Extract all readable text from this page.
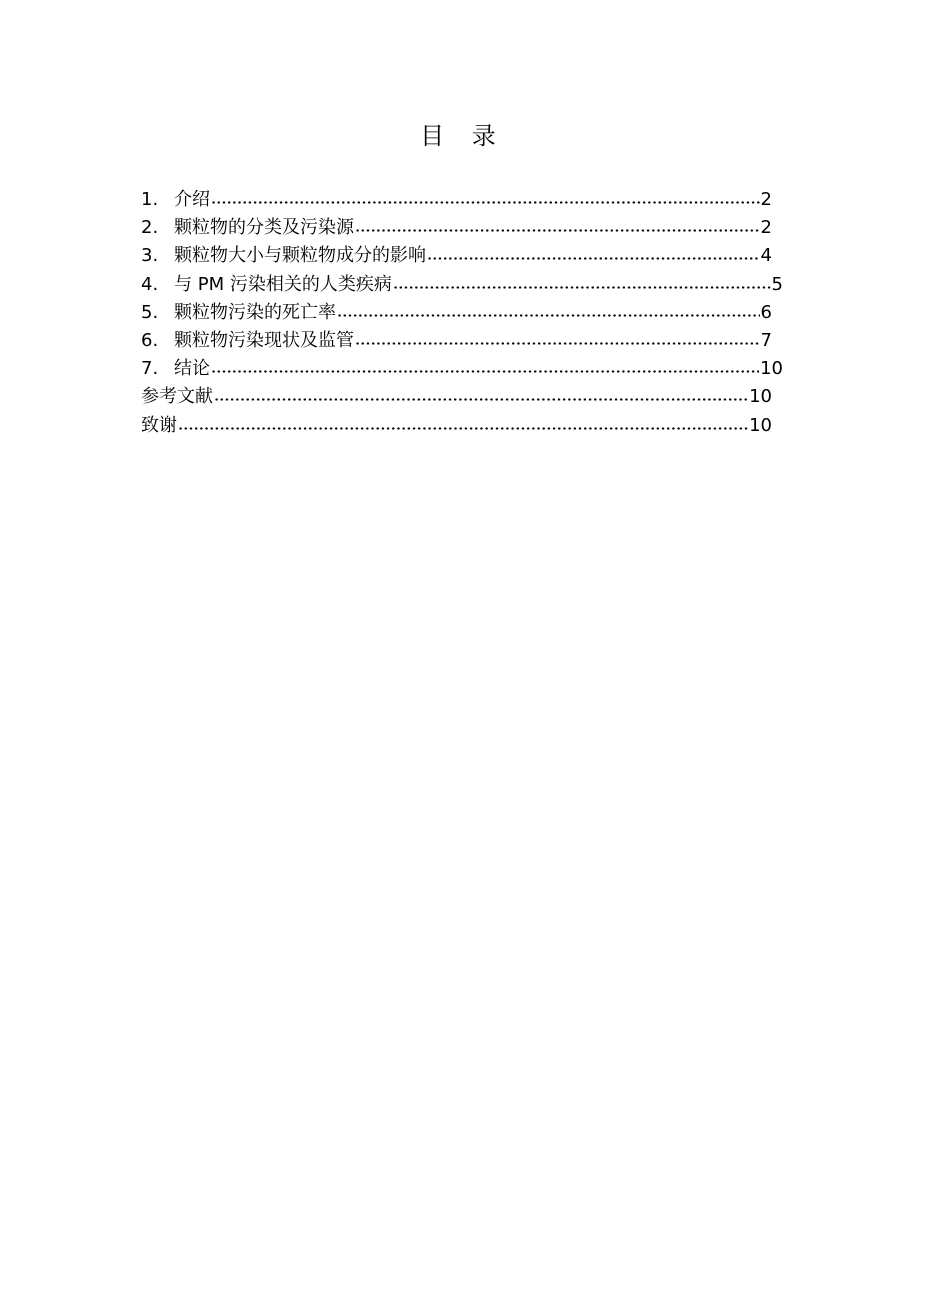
目 录
1. 介绍	2
2. 颗粒物的分类及污染源	2
3. 颗粒物大小与颗粒物成分的影响	4
4. 与 PM 污染相关的人类疾病	5
5. 颗粒物污染的死亡率	6
6. 颗粒物污染现状及监管	7
7. 结论	10
参考文献	10
致谢	10
